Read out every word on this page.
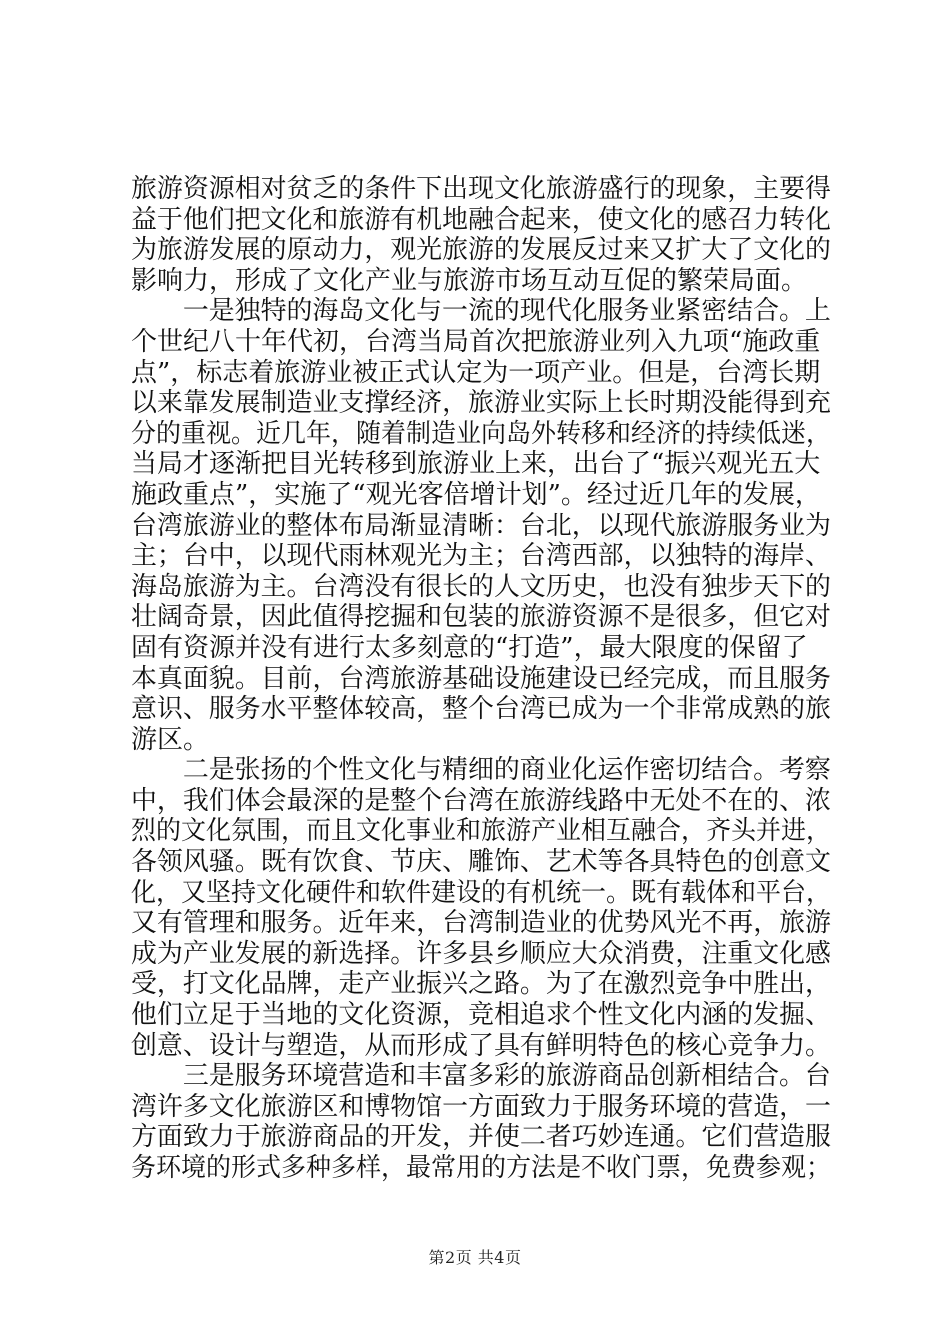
旅游资源相对贫乏的条件下出现文化旅游盛行的现象，主要得
益于他们把文化和旅游有机地融合起来，使文化的感召力转化
为旅游发展的原动力，观光旅游的发展反过来又扩大了文化的
影响力，形成了文化产业与旅游市场互动互促的繁荣局面。
一是独特的海岛文化与一流的现代化服务业紧密结合。上
个世纪八十年代初，台湾当局首次把旅游业列入九项“施政重
点”，标志着旅游业被正式认定为一项产业。但是，台湾长期
以来靠发展制造业支撑经济，旅游业实际上长时期没能得到充
分的重视。近几年，随着制造业向岛外转移和经济的持续低迷，
当局才逐渐把目光转移到旅游业上来，出台了“振兴观光五大
施政重点”，实施了“观光客倍增计划”。经过近几年的发展，
台湾旅游业的整体布局渐显清晰：台北，以现代旅游服务业为
主；台中，以现代雨林观光为主；台湾西部，以独特的海岸、
海岛旅游为主。台湾没有很长的人文历史，也没有独步天下的
壮阔奇景，因此值得挖掘和包装的旅游资源不是很多，但它对
固有资源并没有进行太多刻意的“打造”，最大限度的保留了
本真面貌。目前，台湾旅游基础设施建设已经完成，而且服务
意识、服务水平整体较高，整个台湾已成为一个非常成熟的旅
游区。
二是张扬的个性文化与精细的商业化运作密切结合。考察
中，我们体会最深的是整个台湾在旅游线路中无处不在的、浓
烈的文化氛围，而且文化事业和旅游产业相互融合，齐头并进，
各领风骚。既有饮食、节庆、雕饰、艺术等各具特色的创意文
化，又坚持文化硬件和软件建设的有机统一。既有载体和平台，
又有管理和服务。近年来，台湾制造业的优势风光不再，旅游
成为产业发展的新选择。许多县乡顺应大众消费，注重文化感
受，打文化品牌，走产业振兴之路。为了在激烈竞争中胜出，
他们立足于当地的文化资源，竞相追求个性文化内涵的发掘、
创意、设计与塑造，从而形成了具有鲜明特色的核心竞争力。
三是服务环境营造和丰富多彩的旅游商品创新相结合。台
湾许多文化旅游区和博物馆一方面致力于服务环境的营造，一
方面致力于旅游商品的开发，并使二者巧妙连通。它们营造服
务环境的形式多种多样，最常用的方法是不收门票，免费参观；
第2页 共4页
